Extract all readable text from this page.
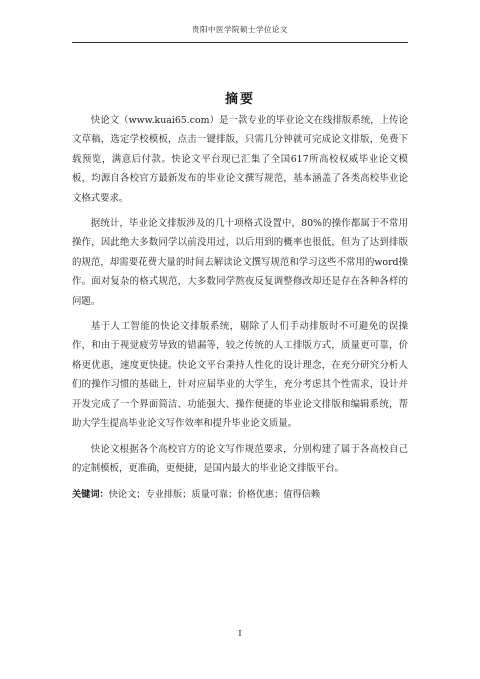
贵阳中医学院硕士学位论文
摘要

快论文（www.kuai65.com）是一款专业的毕业论文在线排版系统，上传论文草稿，选定学校模板，点击一键排版，只需几分钟就可完成论文排版，免费下载预览，满意后付款。快论文平台现已汇集了全国617所高校权威毕业论文模板，均源自各校官方最新发布的毕业论文撰写规范，基本涵盖了各类高校毕业论文格式要求。

据统计，毕业论文排版涉及的几十项格式设置中，80%的操作都属于不常用操作，因此绝大多数同学以前没用过，以后用到的概率也很低，但为了达到排版的规范，却需要花费大量的时间去解读论文撰写规范和学习这些不常用的word操作。面对复杂的格式规范，大多数同学熬夜反复调整修改却还是存在各种各样的问题。

基于人工智能的快论文排版系统，剔除了人们手动排版时不可避免的误操作，和由于视觉疲劳导致的错漏等，较之传统的人工排版方式，质量更可靠，价格更优惠，速度更快捷。快论文平台秉持人性化的设计理念，在充分研究分析人们的操作习惯的基础上，针对应届毕业的大学生，充分考虑其个性需求，设计并开发完成了一个界面简洁、功能强大、操作便捷的毕业论文排版和编辑系统，帮助大学生提高毕业论文写作效率和提升毕业论文质量。

快论文根据各个高校官方的论文写作规范要求，分别构建了属于各高校自己的定制模板，更准确，更便捷，是国内最大的毕业论文排版平台。

关键词：快论文；专业排版；质量可靠；价格优惠；值得信赖
I
